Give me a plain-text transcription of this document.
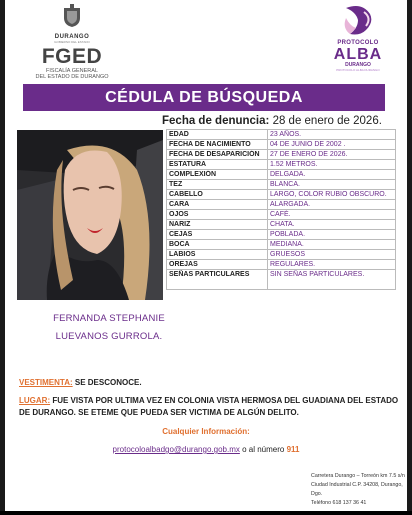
DURANGO
GOBIERNO DEL ESTADO
FGED
FISCALÍA GENERAL
DEL ESTADO DE DURANGO
PROTOCOLO
ALBA
DURANGO
PROTOCOLO ALBA DURANGO
CÉDULA DE BÚSQUEDA
Fecha de denuncia: 28 de enero de 2026.
EDAD	23 AÑOS.
FECHA DE NACIMIENTO	04 DE JUNIO DE 2002 .
FECHA DE DESAPARICIÓN	27 DE ENERO DE 2026.
ESTATURA	1.52 METROS.
COMPLEXIÓN	DELGADA.
TEZ	BLANCA.
CABELLO	LARGO, COLOR RUBIO OBSCURO.
CARA	ALARGADA.
OJOS	CAFÉ.
NARIZ	CHATA.
CEJAS	POBLADA.
BOCA	MEDIANA.
LABIOS	GRUESOS
OREJAS	REGULARES.
SEÑAS PARTICULARES	SIN SEÑAS PARTICULARES.
FERNANDA STEPHANIE
LUEVANOS GURROLA.
VESTIMENTA: SE DESCONOCE.
LUGAR: FUE VISTA POR ULTIMA VEZ EN COLONIA VISTA HERMOSA DEL GUADIANA DEL ESTADO
DE DURANGO. SE ETEME QUE PUEDA SER VICTIMA DE ALGÚN DELITO.
Cualquier Información:
protocoloalbadgo@durango.gob.mx o al número 911
Carretera Durango – Torreón km 7.5 s/n
Ciudad Industrial C.P. 34208, Durango, Dgo.
Teléfono 618 137 36 41
